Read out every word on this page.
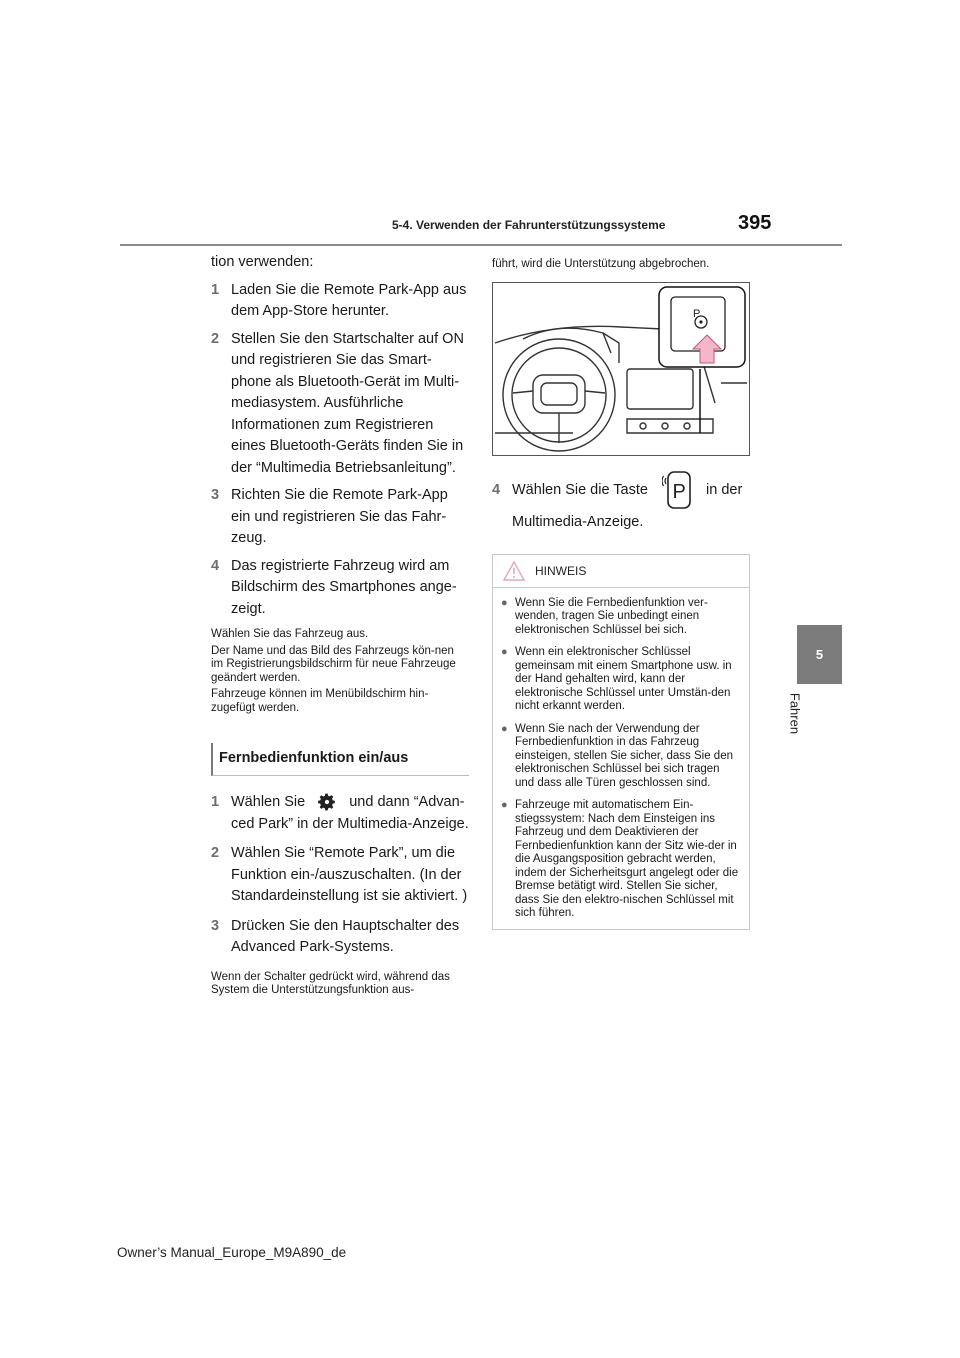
5-4. Verwenden der Fahrunterstützungssysteme	395
5
Fahren

tion verwenden:

1 Laden Sie die Remote Park-App aus dem App-Store herunter.
2 Stellen Sie den Startschalter auf ON und registrieren Sie das Smart-phone als Bluetooth-Gerät im Multi-mediasystem. Ausführliche Informationen zum Registrieren eines Bluetooth-Geräts finden Sie in der “Multimedia Betriebsanleitung”.
3 Richten Sie die Remote Park-App ein und registrieren Sie das Fahr-zeug.
4 Das registrierte Fahrzeug wird am Bildschirm des Smartphones ange-zeigt.

Wählen Sie das Fahrzeug aus.

Der Name und das Bild des Fahrzeugs kön-nen im Registrierungsbildschirm für neue Fahrzeuge geändert werden.

Fahrzeuge können im Menübildschirm hin-zugefügt werden.

Fernbedienfunktion ein/aus
1 Wählen Sie	und dann “Advan-ced Park” in der Multimedia-Anzeige.
2 Wählen Sie “Remote Park”, um die Funktion ein-/auszuschalten. (In der Standardeinstellung ist sie aktiviert. )
3 Drücken Sie den Hauptschalter des Advanced Park-Systems.

Wenn der Schalter gedrückt wird, während das System die Unterstützungsfunktion aus-

führt, wird die Unterstützung abgebrochen.

P
4 Wählen Sie die Taste P in der Multimedia-Anzeige.
HINWEIS
● Wenn Sie die Fernbedienfunktion ver-wenden, tragen Sie unbedingt einen elektronischen Schlüssel bei sich.
● Wenn ein elektronischer Schlüssel gemeinsam mit einem Smartphone usw. in der Hand gehalten wird, kann der elektronische Schlüssel unter Umstän-den nicht erkannt werden.
● Wenn Sie nach der Verwendung der Fernbedienfunktion in das Fahrzeug einsteigen, stellen Sie sicher, dass Sie den elektronischen Schlüssel bei sich tragen und dass alle Türen geschlossen sind.
● Fahrzeuge mit automatischem Ein-stiegssystem: Nach dem Einsteigen ins Fahrzeug und dem Deaktivieren der Fernbedienfunktion kann der Sitz wie-der in die Ausgangsposition gebracht werden, indem der Sicherheitsgurt angelegt oder die Bremse betätigt wird. Stellen Sie sicher, dass Sie den elektro-nischen Schlüssel mit sich führen.
Owner’s Manual_Europe_M9A890_de
